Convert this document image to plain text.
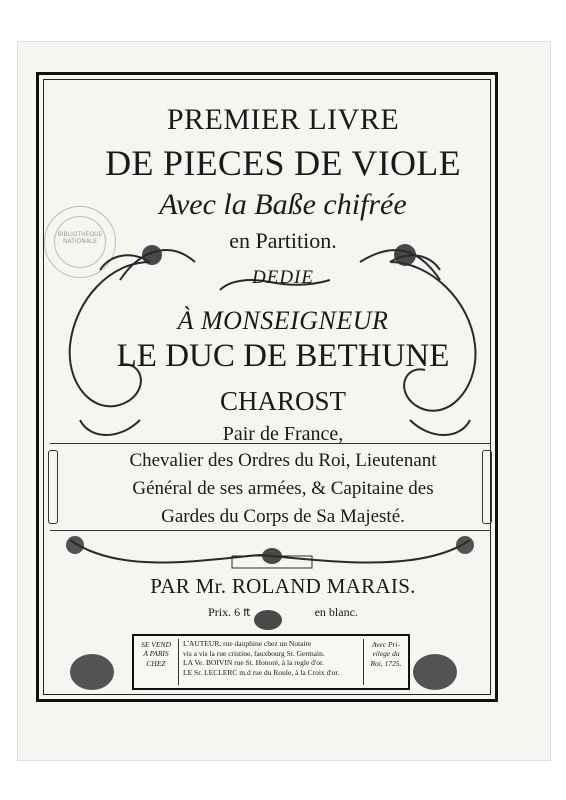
BIBLIOTHÈQUE NATIONALE
PREMIER LIVRE
DE PIECES DE VIOLE
Avec la Baße chifrée
en Partition.
DEDIE
À MONSEIGNEUR
LE DUC DE BETHUNE
CHAROST
Pair de France,
Chevalier des Ordres du Roi, Lieutenant
Général de ses armées, & Capitaine des
Gardes du Corps de Sa Majesté.
PAR Mr. ROLAND MARAIS.
Prix. 6 ₶	en blanc.
SE VEND
A PARIS
CHEZ
L'AUTEUR, rue dauphine chez un Notaire
vis a vis la rue cristine, fauxbourg St. Germain.
LA Ve. BOIVIN rue St. Honoré, à la regle d'or.
LE Sr. LECLERC m.d rue du Roule, à la Croix d'or.
Avec Pri-
vilege du
Roi, 1725.
